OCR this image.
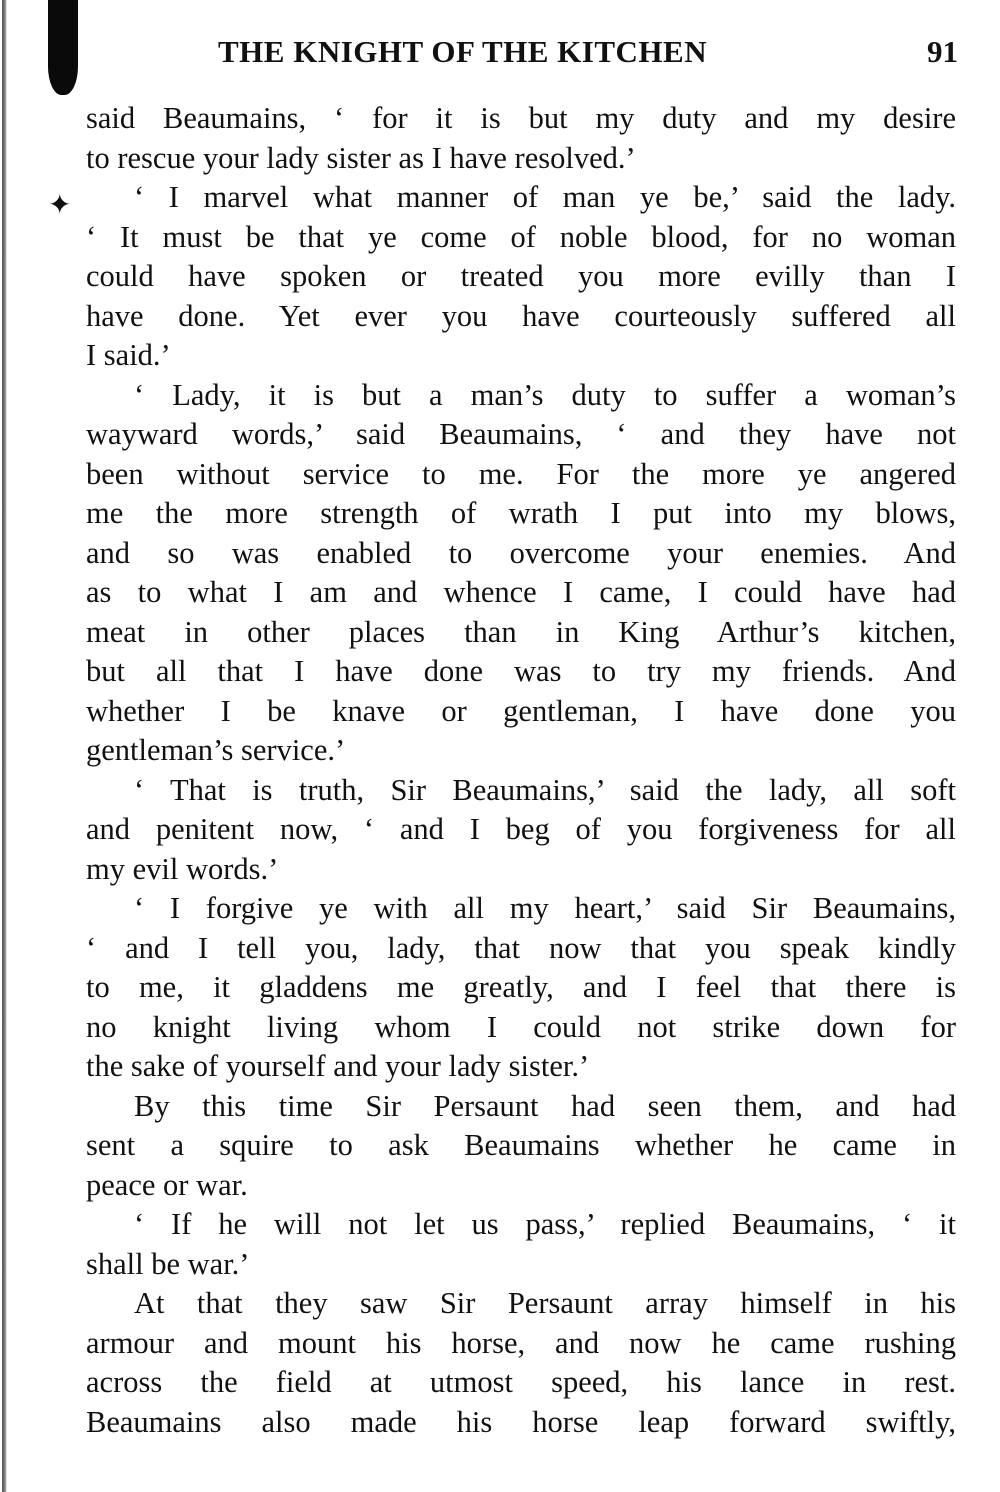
✦
THE KNIGHT OF THE KITCHEN	91
said Beaumains, ‘ for it is but my duty and my desire
to rescue your lady sister as I have resolved.’
‘ I marvel what manner of man ye be,’ said the lady.
‘ It must be that ye come of noble blood, for no woman
could have spoken or treated you more evilly than I
have done. Yet ever you have courteously suffered all
I said.’
‘ Lady, it is but a man’s duty to suffer a woman’s
wayward words,’ said Beaumains, ‘ and they have not
been without service to me. For the more ye angered
me the more strength of wrath I put into my blows,
and so was enabled to overcome your enemies. And
as to what I am and whence I came, I could have had
meat in other places than in King Arthur’s kitchen,
but all that I have done was to try my friends. And
whether I be knave or gentleman, I have done you
gentleman’s service.’
‘ That is truth, Sir Beaumains,’ said the lady, all soft
and penitent now, ‘ and I beg of you forgiveness for all
my evil words.’
‘ I forgive ye with all my heart,’ said Sir Beaumains,
‘ and I tell you, lady, that now that you speak kindly
to me, it gladdens me greatly, and I feel that there is
no knight living whom I could not strike down for
the sake of yourself and your lady sister.’
By this time Sir Persaunt had seen them, and had
sent a squire to ask Beaumains whether he came in
peace or war.
‘ If he will not let us pass,’ replied Beaumains, ‘ it
shall be war.’
At that they saw Sir Persaunt array himself in his
armour and mount his horse, and now he came rushing
across the field at utmost speed, his lance in rest.
Beaumains also made his horse leap forward swiftly,
